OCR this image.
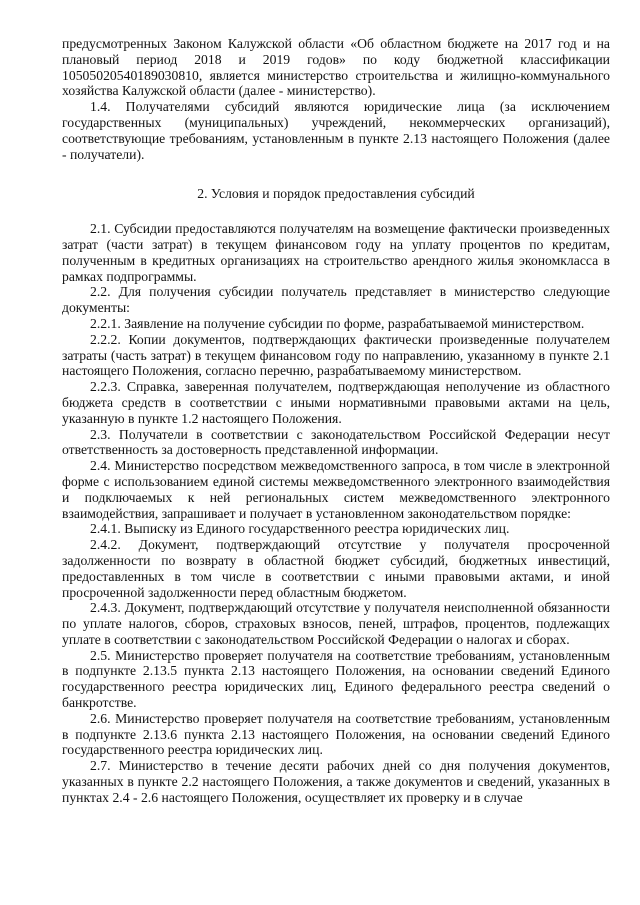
предусмотренных Законом Калужской области «Об областном бюджете на 2017 год и на плановый период 2018 и 2019 годов» по коду бюджетной классификации 10505020540189030810, является министерство строительства и жилищно-коммунального хозяйства Калужской области (далее - министерство).

1.4. Получателями субсидий являются юридические лица (за исключением государственных (муниципальных) учреждений, некоммерческих организаций), соответствующие требованиям, установленным в пункте 2.13 настоящего Положения (далее - получатели).

2. Условия и порядок предоставления субсидий

2.1. Субсидии предоставляются получателям на возмещение фактически произведенных затрат (части затрат) в текущем финансовом году на уплату процентов по кредитам, полученным в кредитных организациях на строительство арендного жилья экономкласса в рамках подпрограммы.

2.2. Для получения субсидии получатель представляет в министерство следующие документы:

2.2.1. Заявление на получение субсидии по форме, разрабатываемой министерством.

2.2.2. Копии документов, подтверждающих фактически произведенные получателем затраты (часть затрат) в текущем финансовом году по направлению, указанному в пункте 2.1 настоящего Положения, согласно перечню, разрабатываемому министерством.

2.2.3. Справка, заверенная получателем, подтверждающая неполучение из областного бюджета средств в соответствии с иными нормативными правовыми актами на цель, указанную в пункте 1.2 настоящего Положения.

2.3. Получатели в соответствии с законодательством Российской Федерации несут ответственность за достоверность представленной информации.

2.4. Министерство посредством межведомственного запроса, в том числе в электронной форме с использованием единой системы межведомственного электронного взаимодействия и подключаемых к ней региональных систем межведомственного электронного взаимодействия, запрашивает и получает в установленном законодательством порядке:

2.4.1. Выписку из Единого государственного реестра юридических лиц.

2.4.2. Документ, подтверждающий отсутствие у получателя просроченной задолженности по возврату в областной бюджет субсидий, бюджетных инвестиций, предоставленных в том числе в соответствии с иными правовыми актами, и иной просроченной задолженности перед областным бюджетом.

2.4.3. Документ, подтверждающий отсутствие у получателя неисполненной обязанности по уплате налогов, сборов, страховых взносов, пеней, штрафов, процентов, подлежащих уплате в соответствии с законодательством Российской Федерации о налогах и сборах.

2.5. Министерство проверяет получателя на соответствие требованиям, установленным в подпункте 2.13.5 пункта 2.13 настоящего Положения, на основании сведений Единого государственного реестра юридических лиц, Единого федерального реестра сведений о банкротстве.

2.6. Министерство проверяет получателя на соответствие требованиям, установленным в подпункте 2.13.6 пункта 2.13 настоящего Положения, на основании сведений Единого государственного реестра юридических лиц.

2.7. Министерство в течение десяти рабочих дней со дня получения документов, указанных в пункте 2.2 настоящего Положения, а также документов и сведений, указанных в пунктах 2.4 - 2.6 настоящего Положения, осуществляет их проверку и в случае
